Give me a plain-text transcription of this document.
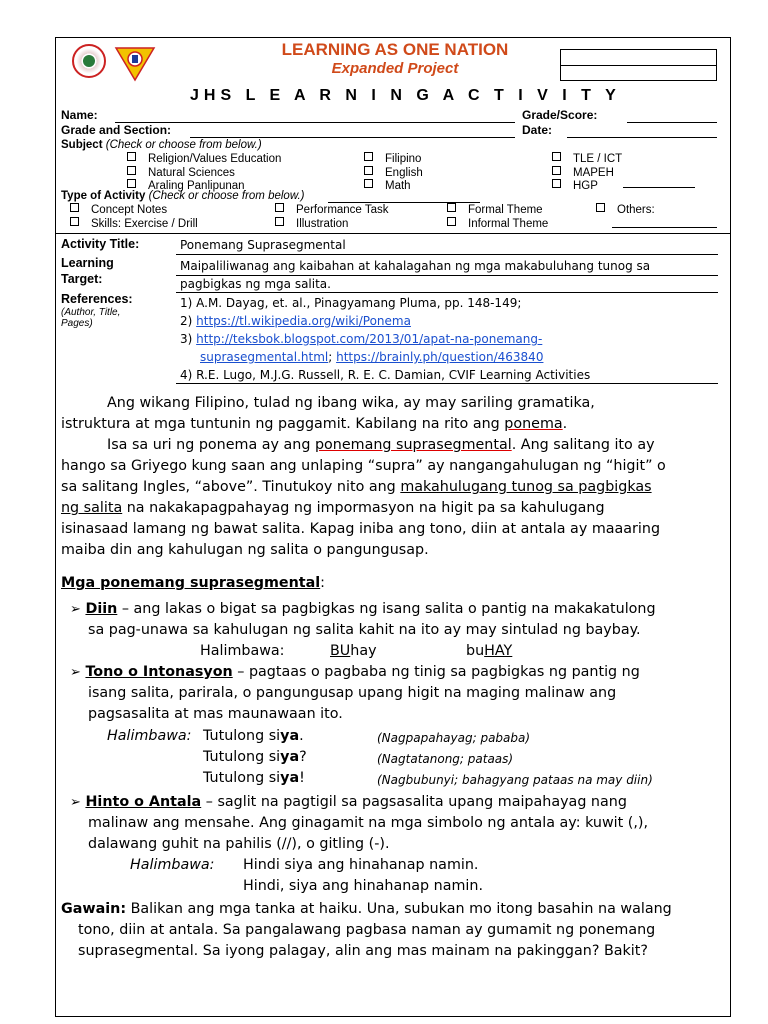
LEARNING AS ONE NATION
Expanded Project
JHS L E A R N I N G A C T I V I T Y
Name:	Grade/Score:
Grade and Section:	Date:
Subject (Check or choose from below.)
Religion/Values Education
Natural Sciences
Araling Panlipunan
Filipino
English
Math
TLE / ICT
MAPEH
HGP
Type of Activity (Check or choose from below.)
Concept Notes
Skills: Exercise / Drill
Performance Task
Illustration
Formal Theme
Informal Theme
Others:
Activity Title:	Ponemang Suprasegmental
Learning
Target:
Maipaliliwanag ang kaibahan at kahalagahan ng mga makabuluhang tunog sa
pagbigkas ng mga salita.
References:
(Author, Title,
Pages)
1) A.M. Dayag, et. al., Pinagyamang Pluma, pp. 148-149;
2) https://tl.wikipedia.org/wiki/Ponema
3) http://teksbok.blogspot.com/2013/01/apat-na-ponemang-
suprasegmental.html; https://brainly.ph/question/463840
4) R.E. Lugo, M.J.G. Russell, R. E. C. Damian, CVIF Learning Activities
Ang wikang Filipino, tulad ng ibang wika, ay may sariling gramatika,
istruktura at mga tuntunin ng paggamit. Kabilang na rito ang ponema.
Isa sa uri ng ponema ay ang ponemang suprasegmental. Ang salitang ito ay
hango sa Griyego kung saan ang unlaping “supra” ay nangangahulugan ng “higit” o
sa salitang Ingles, “above”. Tinutukoy nito ang makahulugang tunog sa pagbigkas
ng salita na nakakapagpahayag ng impormasyon na higit pa sa kahulugang
isinasaad lamang ng bawat salita. Kapag iniba ang tono, diin at antala ay maaaring
maiba din ang kahulugan ng salita o pangungusap.
Mga ponemang suprasegmental:
➢ Diin – ang lakas o bigat sa pagbigkas ng isang salita o pantig na makakatulong
sa pag-unawa sa kahulugan ng salita kahit na ito ay may sintulad ng baybay.
Halimbawa:	BUhay	buHAY
➢ Tono o Intonasyon – pagtaas o pagbaba ng tinig sa pagbigkas ng pantig ng
isang salita, parirala, o pangungusap upang higit na maging malinaw ang
pagsasalita at mas maunawaan ito.
Halimbawa: Tutulong siya.	(Nagpapahayag; pababa)
Tutulong siya?	(Nagtatanong; pataas)
Tutulong siya!	(Nagbubunyi; bahagyang pataas na may diin)
➢ Hinto o Antala – saglit na pagtigil sa pagsasalita upang maipahayag nang
malinaw ang mensahe. Ang ginagamit na mga simbolo ng antala ay: kuwit (,),
dalawang guhit na pahilis (//), o gitling (-).
Halimbawa: Hindi siya ang hinahanap namin.
Hindi, siya ang hinahanap namin.
Gawain: Balikan ang mga tanka at haiku. Una, subukan mo itong basahin na walang
tono, diin at antala. Sa pangalawang pagbasa naman ay gumamit ng ponemang
suprasegmental. Sa iyong palagay, alin ang mas mainam na pakinggan? Bakit?
